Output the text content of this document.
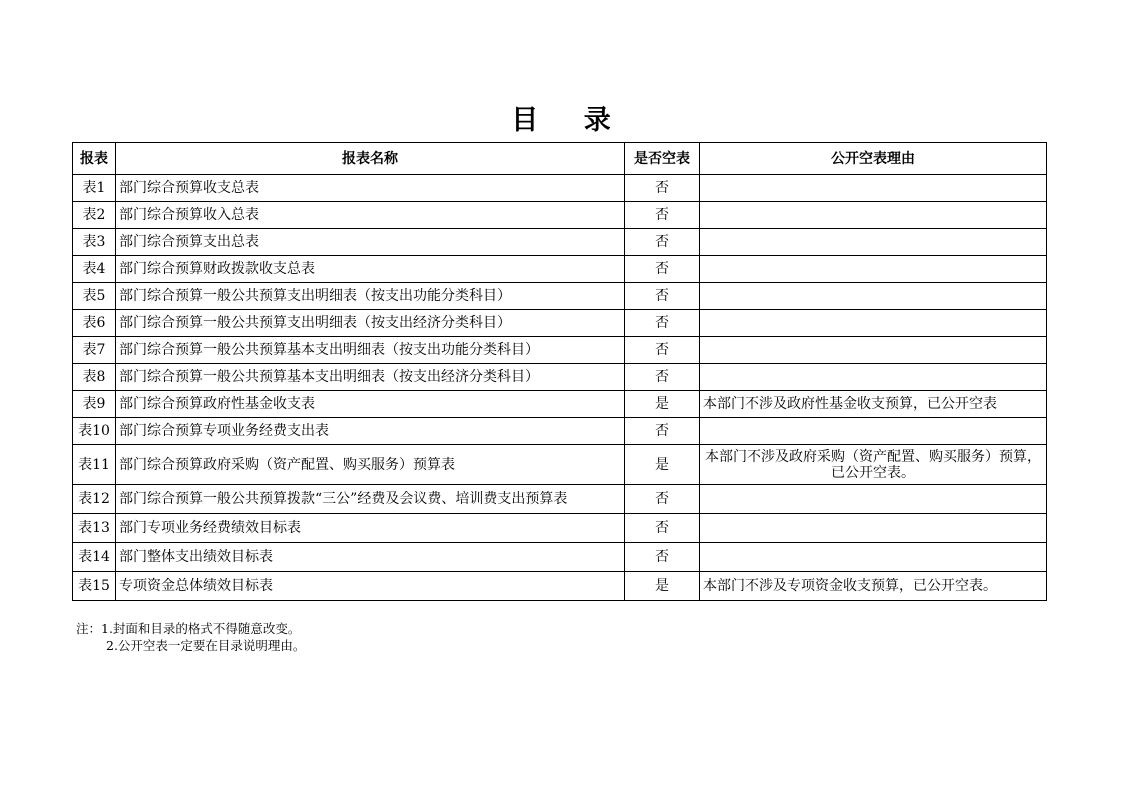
目 录
报表	报表名称	是否空表	公开空表理由
表1	部门综合预算收支总表	否	
表2	部门综合预算收入总表	否	
表3	部门综合预算支出总表	否	
表4	部门综合预算财政拨款收支总表	否	
表5	部门综合预算一般公共预算支出明细表（按支出功能分类科目）	否	
表6	部门综合预算一般公共预算支出明细表（按支出经济分类科目）	否	
表7	部门综合预算一般公共预算基本支出明细表（按支出功能分类科目）	否	
表8	部门综合预算一般公共预算基本支出明细表（按支出经济分类科目）	否	
表9	部门综合预算政府性基金收支表	是	本部门不涉及政府性基金收支预算，已公开空表
表10	部门综合预算专项业务经费支出表	否	
表11	部门综合预算政府采购（资产配置、购买服务）预算表	是	本部门不涉及政府采购（资产配置、购买服务）预算，已公开空表。
表12	部门综合预算一般公共预算拨款“三公”经费及会议费、培训费支出预算表	否	
表13	部门专项业务经费绩效目标表	否	
表14	部门整体支出绩效目标表	否	
表15	专项资金总体绩效目标表	是	本部门不涉及专项资金收支预算，已公开空表。
注：1.封面和目录的格式不得随意改变。
2.公开空表一定要在目录说明理由。
